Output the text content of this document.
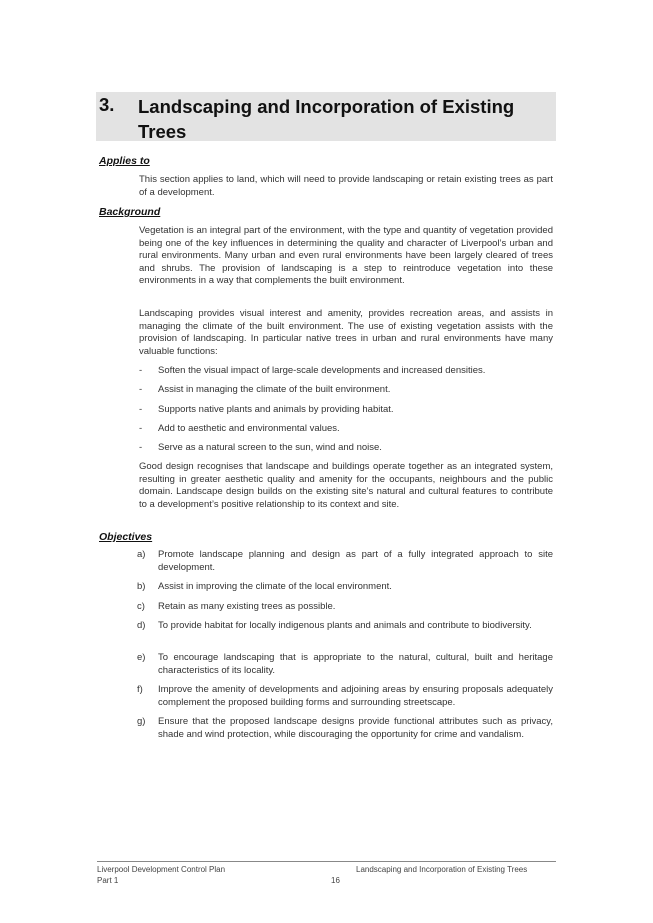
3. Landscaping and Incorporation of Existing Trees
Applies to
This section applies to land, which will need to provide landscaping or retain existing trees as part of a development.
Background
Vegetation is an integral part of the environment, with the type and quantity of vegetation provided being one of the key influences in determining the quality and character of Liverpool’s urban and rural environments. Many urban and even rural environments have been largely cleared of trees and shrubs. The provision of landscaping is a step to reintroduce vegetation into these environments in a way that complements the built environment.
Landscaping provides visual interest and amenity, provides recreation areas, and assists in managing the climate of the built environment. The use of existing vegetation assists with the provision of landscaping. In particular native trees in urban and rural environments have many valuable functions:
-	Soften the visual impact of large-scale developments and increased densities.
-	Assist in managing the climate of the built environment.
-	Supports native plants and animals by providing habitat.
-	Add to aesthetic and environmental values.
-	Serve as a natural screen to the sun, wind and noise.
Good design recognises that landscape and buildings operate together as an integrated system, resulting in greater aesthetic quality and amenity for the occupants, neighbours and the public domain. Landscape design builds on the existing site’s natural and cultural features to contribute to a development’s positive relationship to its context and site.
Objectives
a)	Promote landscape planning and design as part of a fully integrated approach to site development.
b)	Assist in improving the climate of the local environment.
c)	Retain as many existing trees as possible.
d)	To provide habitat for locally indigenous plants and animals and contribute to biodiversity.
e)	To encourage landscaping that is appropriate to the natural, cultural, built and heritage characteristics of its locality.
f)	Improve the amenity of developments and adjoining areas by ensuring proposals adequately complement the proposed building forms and surrounding streetscape.
g)	Ensure that the proposed landscape designs provide functional attributes such as privacy, shade and wind protection, while discouraging the opportunity for crime and vandalism.
Liverpool Development Control Plan
Part 1	16
Landscaping and Incorporation of Existing Trees
